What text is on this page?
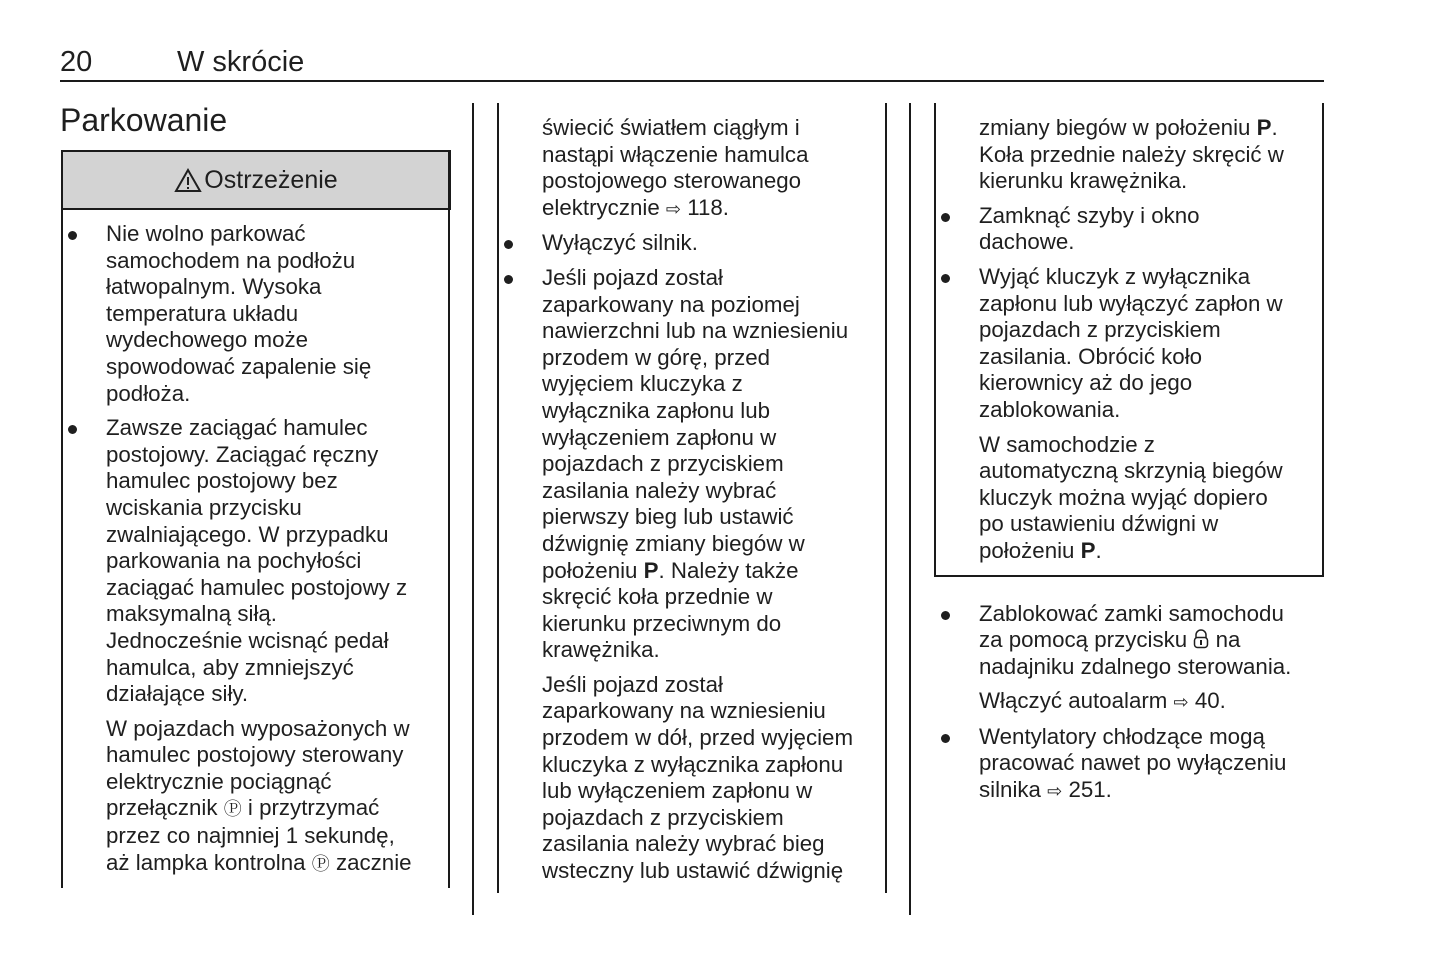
20	W skrócie
Parkowanie
Ostrzeżenie
Nie wolno parkować
samochodem na podłożu
łatwopalnym. Wysoka
temperatura układu
wydechowego może
spowodować zapalenie się
podłoża.
Zawsze zaciągać hamulec
postojowy. Zaciągać ręczny
hamulec postojowy bez
wciskania przycisku
zwalniającego. W przypadku
parkowania na pochyłości
zaciągać hamulec postojowy z
maksymalną siłą.
Jednocześnie wcisnąć pedał
hamulca, aby zmniejszyć
działające siły.
W pojazdach wyposażonych w
hamulec postojowy sterowany
elektrycznie pociągnąć
przełącznik Ⓟ i przytrzymać
przez co najmniej 1 sekundę,
aż lampka kontrolna Ⓟ zacznie
świecić światłem ciągłym i
nastąpi włączenie hamulca
postojowego sterowanego
elektrycznie ⇨ 118.
Wyłączyć silnik.
Jeśli pojazd został
zaparkowany na poziomej
nawierzchni lub na wzniesieniu
przodem w górę, przed
wyjęciem kluczyka z
wyłącznika zapłonu lub
wyłączeniem zapłonu w
pojazdach z przyciskiem
zasilania należy wybrać
pierwszy bieg lub ustawić
dźwignię zmiany biegów w
położeniu P. Należy także
skręcić koła przednie w
kierunku przeciwnym do
krawężnika.
Jeśli pojazd został
zaparkowany na wzniesieniu
przodem w dół, przed wyjęciem
kluczyka z wyłącznika zapłonu
lub wyłączeniem zapłonu w
pojazdach z przyciskiem
zasilania należy wybrać bieg
wsteczny lub ustawić dźwignię
zmiany biegów w położeniu P.
Koła przednie należy skręcić w
kierunku krawężnika.
Zamknąć szyby i okno
dachowe.
Wyjąć kluczyk z wyłącznika
zapłonu lub wyłączyć zapłon w
pojazdach z przyciskiem
zasilania. Obrócić koło
kierownicy aż do jego
zablokowania.
W samochodzie z
automatyczną skrzynią biegów
kluczyk można wyjąć dopiero
po ustawieniu dźwigni w
położeniu P.
Zablokować zamki samochodu
za pomocą przycisku  na
nadajniku zdalnego sterowania.
Włączyć autoalarm ⇨ 40.
Wentylatory chłodzące mogą
pracować nawet po wyłączeniu
silnika ⇨ 251.
